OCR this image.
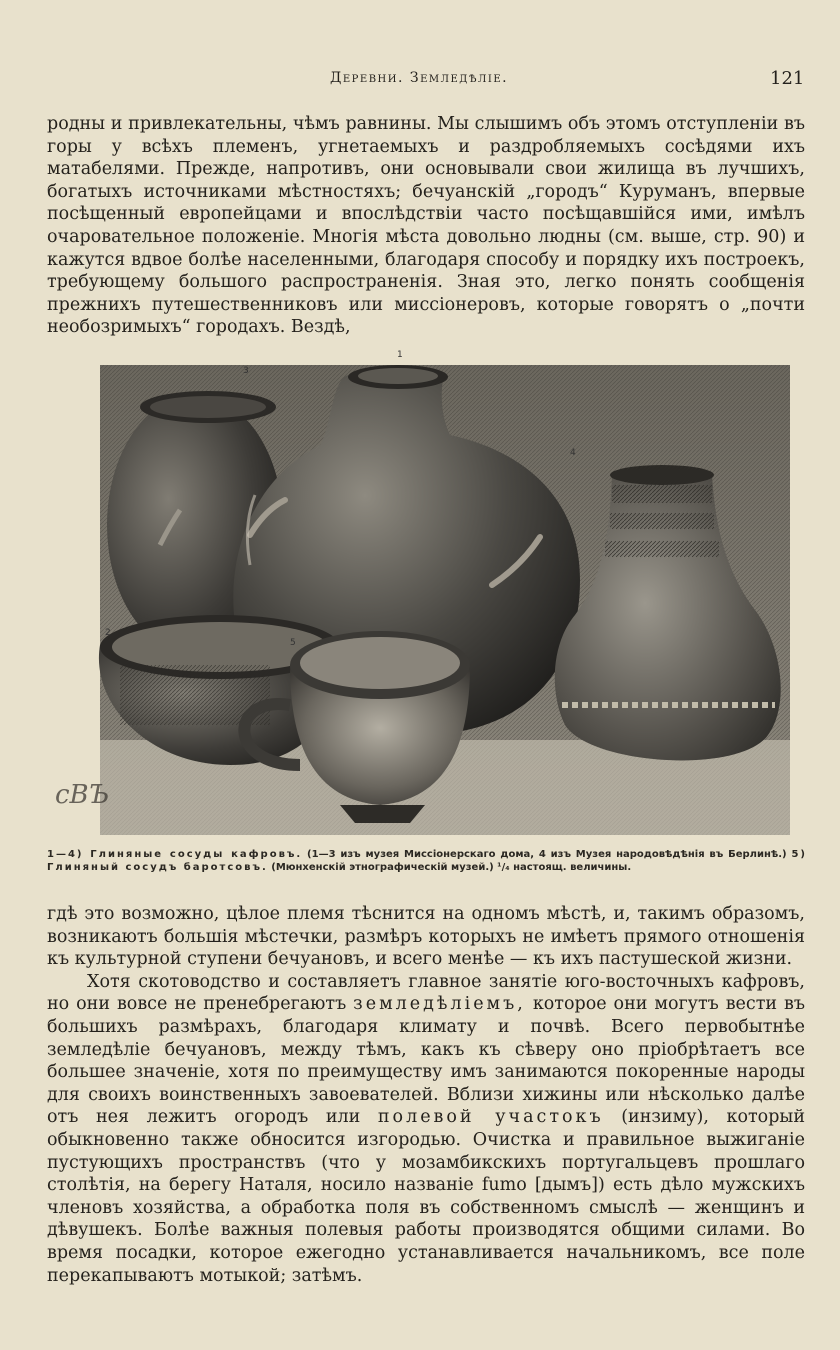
Деревни. Земледѣліе.	121

родны и привлекательны, чѣмъ равнины. Мы слышимъ объ этомъ отступленіи въ горы у всѣхъ племенъ, угнетаемыхъ и раздробляемыхъ сосѣдями ихъ матабелями. Прежде, напротивъ, они основывали свои жилища въ лучшихъ, богатыхъ источниками мѣстностяхъ; бечуанскій „городъ“ Куруманъ, впервые посѣщенный европейцами и впослѣдствіи часто посѣщавшійся ими, имѣлъ очаровательное положеніе. Многія мѣста довольно людны (см. выше, стр. 90) и кажутся вдвое болѣе населенными, благодаря способу и порядку ихъ построекъ, требующему большого распространенія. Зная это, легко понять сообщенія прежнихъ путешественниковъ или миссіонеровъ, которые говорятъ о „почти необозримыхъ“ городахъ. Вездѣ,

1
3
4
2
5
сВЪ
1—4) Глиняные сосуды кафровъ. (1—3 изъ музея Миссіонерскаго дома, 4 изъ Музея народовѣдѣнія въ Берлинѣ.) 5) Глиняный сосудъ баротсовъ. (Мюнхенскій этнографическій музей.) ¹/₄ настоящ. величины.

гдѣ это возможно, цѣлое племя тѣснится на одномъ мѣстѣ, и, такимъ образомъ, возникаютъ большія мѣстечки, размѣръ которыхъ не имѣетъ прямого отношенія къ культурной ступени бечуановъ, и всего менѣе — къ ихъ пастушеской жизни.

Хотя скотоводство и составляетъ главное занятіе юго-восточныхъ кафровъ, но они вовсе не пренебрегаютъ земледѣліемъ, которое они могутъ вести въ большихъ размѣрахъ, благодаря климату и почвѣ. Всего первобытнѣе земледѣліе бечуановъ, между тѣмъ, какъ къ сѣверу оно пріобрѣтаетъ все большее значеніе, хотя по преимуществу имъ занимаются покоренные народы для своихъ воинственныхъ завоевателей. Вблизи хижины или нѣсколько далѣе отъ нея лежитъ огородъ или полевой участокъ (инзиму), который обыкновенно также обносится изгородью. Очистка и правильное выжиганіе пустующихъ пространствъ (что у мозамбикскихъ португальцевъ прошлаго столѣтія, на берегу Наталя, носило названіе fumo [дымъ]) есть дѣло мужскихъ членовъ хозяйства, а обработка поля въ собственномъ смыслѣ — женщинъ и дѣвушекъ. Болѣе важныя полевыя работы производятся общими силами. Во время посадки, которое ежегодно устанавливается начальникомъ, все поле перекапываютъ мотыкой; затѣмъ.
